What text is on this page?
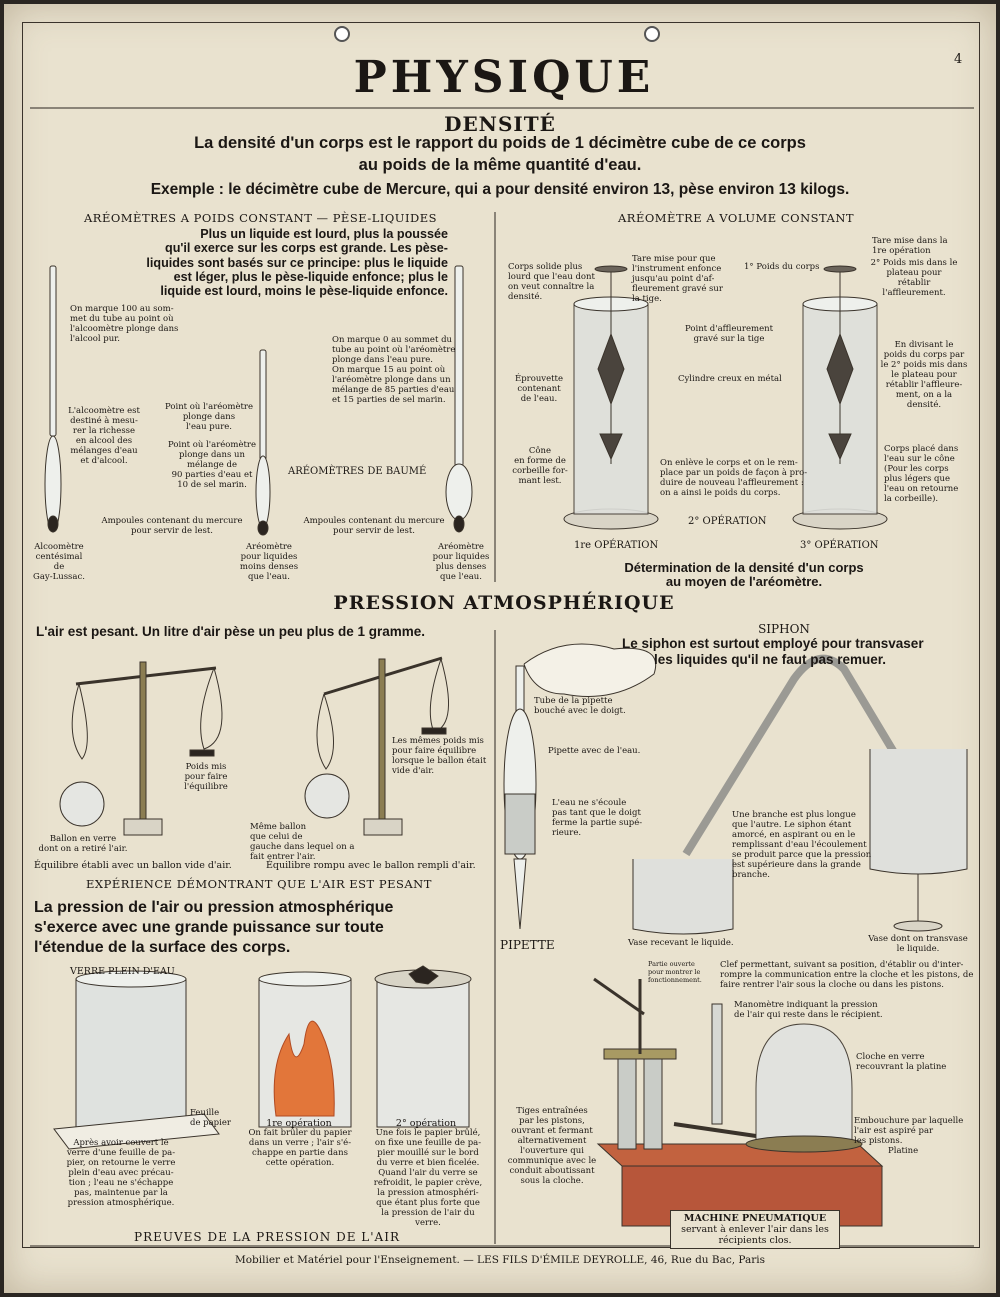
PHYSIQUE	4

DENSITÉ

La densité d'un corps est le rapport du poids de 1 décimètre cube de ce corps

au poids de la même quantité d'eau.

Exemple : le décimètre cube de Mercure, qui a pour densité environ 13, pèse environ 13 kilogs.

ARÉOMÈTRES A POIDS CONSTANT — PÈSE-LIQUIDES

Plus un liquide est lourd, plus la poussée
qu'il exerce sur les corps est grande. Les pèse-
liquides sont basés sur ce principe: plus le liquide
est léger, plus le pèse-liquide enfonce; plus le
liquide est lourd, moins le pèse-liquide enfonce.
On marque 100 au som-
met du tube au point où
l'alcoomètre plonge dans
l'alcool pur.
L'alcoomètre est
destiné à mesu-
rer la richesse
en alcool des
mélanges d'eau
et d'alcool.
Point où l'aréomètre
plonge dans
l'eau pure.
Point où l'aréomètre
plonge dans un
mélange de
90 parties d'eau et
10 de sel marin.
On marque 0 au sommet du
tube au point où l'aréomètre
plonge dans l'eau pure.
On marque 15 au point où
l'aréomètre plonge dans un
mélange de 85 parties d'eau
et 15 parties de sel marin.

ARÉOMÈTRES DE BAUMÉ

Ampoules contenant du mercure
pour servir de lest.
Ampoules contenant du mercure
pour servir de lest.
Alcoomètre
centésimal
de
Gay-Lussac.
Aréomètre
pour liquides
moins denses
que l'eau.
Aréomètre
pour liquides
plus denses
que l'eau.

ARÉOMÈTRE A VOLUME CONSTANT

Corps solide plus
lourd que l'eau dont
on veut connaître la
densité.
Tare mise pour que
l'instrument enfonce
jusqu'au point d'af-
fleurement gravé sur
la tige.

1° Poids du corps

Tare mise dans la
1re opération
2° Poids mis dans le
plateau pour
rétablir
l'affleurement.
Point d'affleurement
gravé sur la tige
Éprouvette
contenant
de l'eau.

Cylindre creux en métal

En divisant le
poids du corps par
le 2° poids mis dans
le plateau pour
rétablir l'affleure-
ment, on a la
densité.
Cône
en forme de
corbeille for-
mant lest.
On enlève le corps et on le rem-
place par un poids de façon à pro-
duire de nouveau l'affleurement :
on a ainsi le poids du corps.
Corps placé dans
l'eau sur le cône
(Pour les corps
plus légers que
l'eau on retourne
la corbeille).

2° OPÉRATION

1re OPÉRATION	3° OPÉRATION

Détermination de la densité d'un corps

au moyen de l'aréomètre.

PRESSION ATMOSPHÉRIQUE

L'air est pesant. Un litre d'air pèse un peu plus de 1 gramme.

Poids mis
pour faire
l'équilibre
Ballon en verre
dont on a retiré l'air.
Les mêmes poids mis
pour faire équilibre
lorsque le ballon était
vide d'air.
Même ballon
que celui de
gauche dans lequel on a
fait entrer l'air.

Équilibre établi avec un ballon vide d'air.	Équilibre rompu avec le ballon rempli d'air.

EXPÉRIENCE DÉMONTRANT QUE L'AIR EST PESANT

La pression de l'air ou pression atmosphérique
s'exerce avec une grande puissance sur toute
l'étendue de la surface des corps.

VERRE PLEIN D'EAU

Feuille
de papier
Après avoir couvert le
verre d'une feuille de pa-
pier, on retourne le verre
plein d'eau avec précau-
tion ; l'eau ne s'échappe
pas, maintenue par la
pression atmosphérique.

1re opération

On fait brûler du papier
dans un verre ; l'air s'é-
chappe en partie dans
cette opération.

2° opération

Une fois le papier brûlé,
on fixe une feuille de pa-
pier mouillé sur le bord
du verre et bien ficelée.
Quand l'air du verre se
refroidit, le papier crève,
la pression atmosphéri-
que étant plus forte que
la pression de l'air du
verre.

PREUVES DE LA PRESSION DE L'AIR

SIPHON

Le siphon est surtout employé pour transvaser

les liquides qu'il ne faut pas remuer.

Tube de la pipette
bouché avec le doigt.

Pipette avec de l'eau.

L'eau ne s'écoule
pas tant que le doigt
ferme la partie supé-
rieure.
Une branche est plus longue
que l'autre. Le siphon étant
amorcé, en aspirant ou en le
remplissant d'eau l'écoulement
se produit parce que la pression
est supérieure dans la grande
branche.

PIPETTE	Vase recevant le liquide.	Vase dont on transvase
le liquide.
Partie ouverte
pour montrer le
fonctionnement.
Clef permettant, suivant sa position, d'établir ou d'inter-
rompre la communication entre la cloche et les pistons, de
faire rentrer l'air sous la cloche ou dans les pistons.
Manomètre indiquant la pression
de l'air qui reste dans le récipient.
Cloche en verre
recouvrant la platine
Tiges entraînées
par les pistons,
ouvrant et fermant
alternativement
l'ouverture qui
communique avec le
conduit aboutissant
sous la cloche.
Embouchure par laquelle
l'air est aspiré par
les pistons.

Platine

MACHINE PNEUMATIQUE
servant à enlever l'air dans les
récipients clos.

Mobilier et Matériel pour l'Enseignement. — LES FILS D'ÉMILE DEYROLLE, 46, Rue du Bac, Paris
